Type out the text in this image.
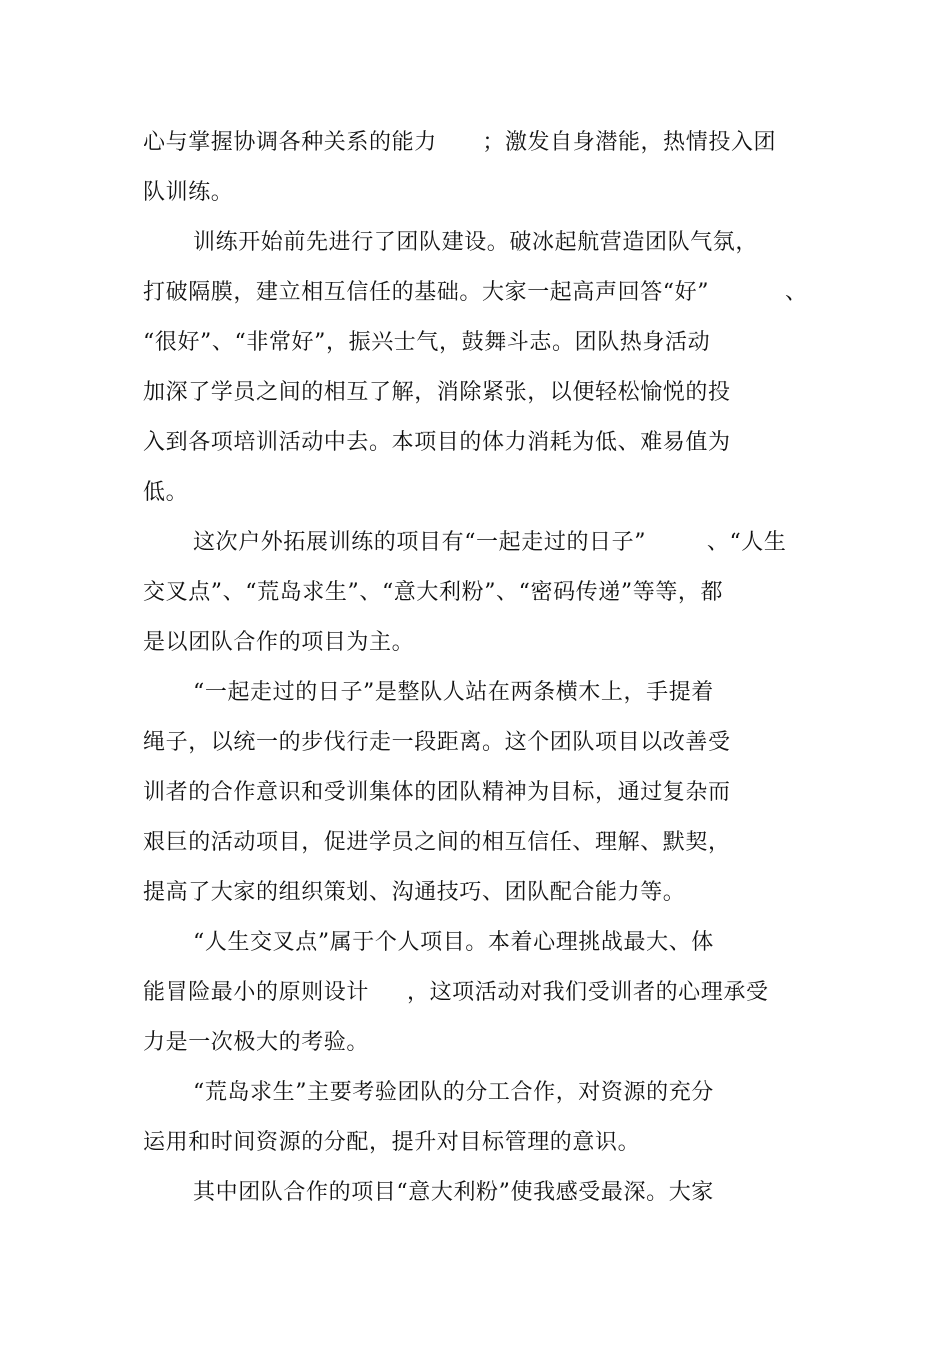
心与掌握协调各种关系的能力      ；激发自身潜能，热情投入团
队训练。
训练开始前先进行了团队建设。破冰起航营造团队气氛，
打破隔膜，建立相互信任的基础。大家一起高声回答“好”          、
“很好”、“非常好”，振兴士气，鼓舞斗志。团队热身活动
加深了学员之间的相互了解，消除紧张，以便轻松愉悦的投
入到各项培训活动中去。本项目的体力消耗为低、难易值为
低。
这次户外拓展训练的项目有“一起走过的日子”        、“人生
交叉点”、“荒岛求生”、“意大利粉”、“密码传递”等等，都
是以团队合作的项目为主。
“一起走过的日子”是整队人站在两条横木上，手提着
绳子，以统一的步伐行走一段距离。这个团队项目以改善受
训者的合作意识和受训集体的团队精神为目标，通过复杂而
艰巨的活动项目，促进学员之间的相互信任、理解、默契，
提高了大家的组织策划、沟通技巧、团队配合能力等。
“人生交叉点”属于个人项目。本着心理挑战最大、体
能冒险最小的原则设计     ，这项活动对我们受训者的心理承受
力是一次极大的考验。
“荒岛求生”主要考验团队的分工合作，对资源的充分
运用和时间资源的分配，提升对目标管理的意识。
其中团队合作的项目“意大利粉”使我感受最深。大家
